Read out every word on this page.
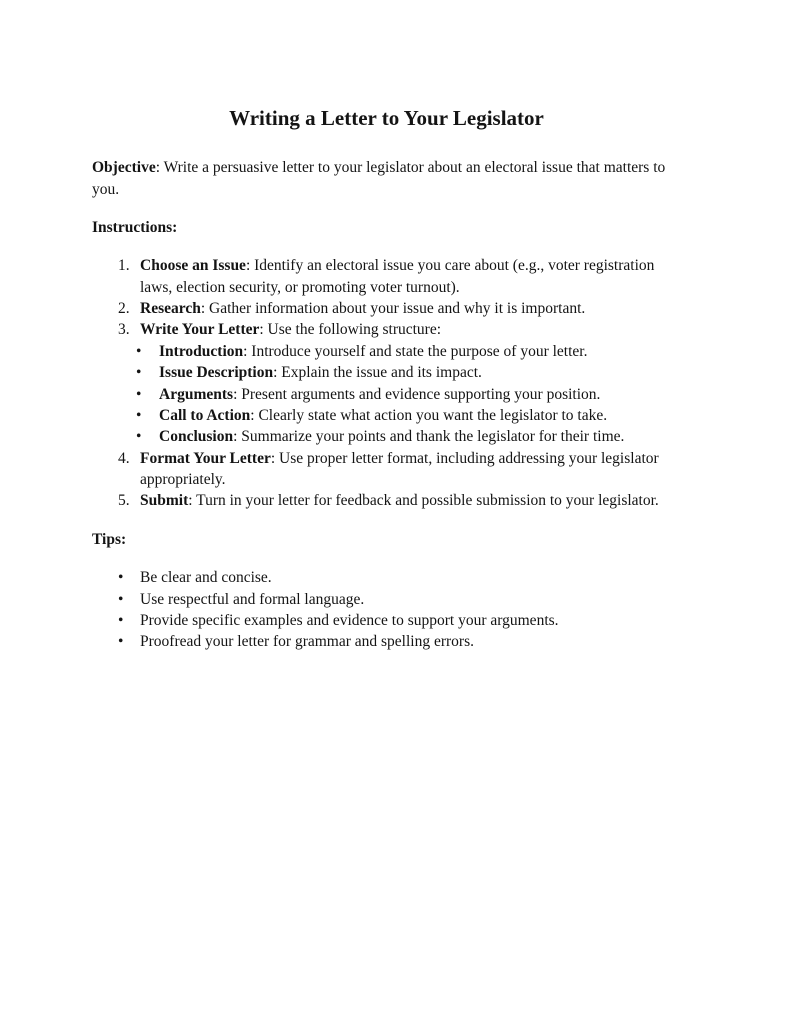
Writing a Letter to Your Legislator

Objective: Write a persuasive letter to your legislator about an electoral issue that matters to you.

Instructions:

1. Choose an Issue: Identify an electoral issue you care about (e.g., voter registration laws, election security, or promoting voter turnout).
2. Research: Gather information about your issue and why it is important.
3. Write Your Letter: Use the following structure:
•	Introduction: Introduce yourself and state the purpose of your letter.
•	Issue Description: Explain the issue and its impact.
•	Arguments: Present arguments and evidence supporting your position.
•	Call to Action: Clearly state what action you want the legislator to take.
•	Conclusion: Summarize your points and thank the legislator for their time.
4. Format Your Letter: Use proper letter format, including addressing your legislator appropriately.
5. Submit: Turn in your letter for feedback and possible submission to your legislator.

Tips:

•	Be clear and concise.
•	Use respectful and formal language.
•	Provide specific examples and evidence to support your arguments.
•	Proofread your letter for grammar and spelling errors.
